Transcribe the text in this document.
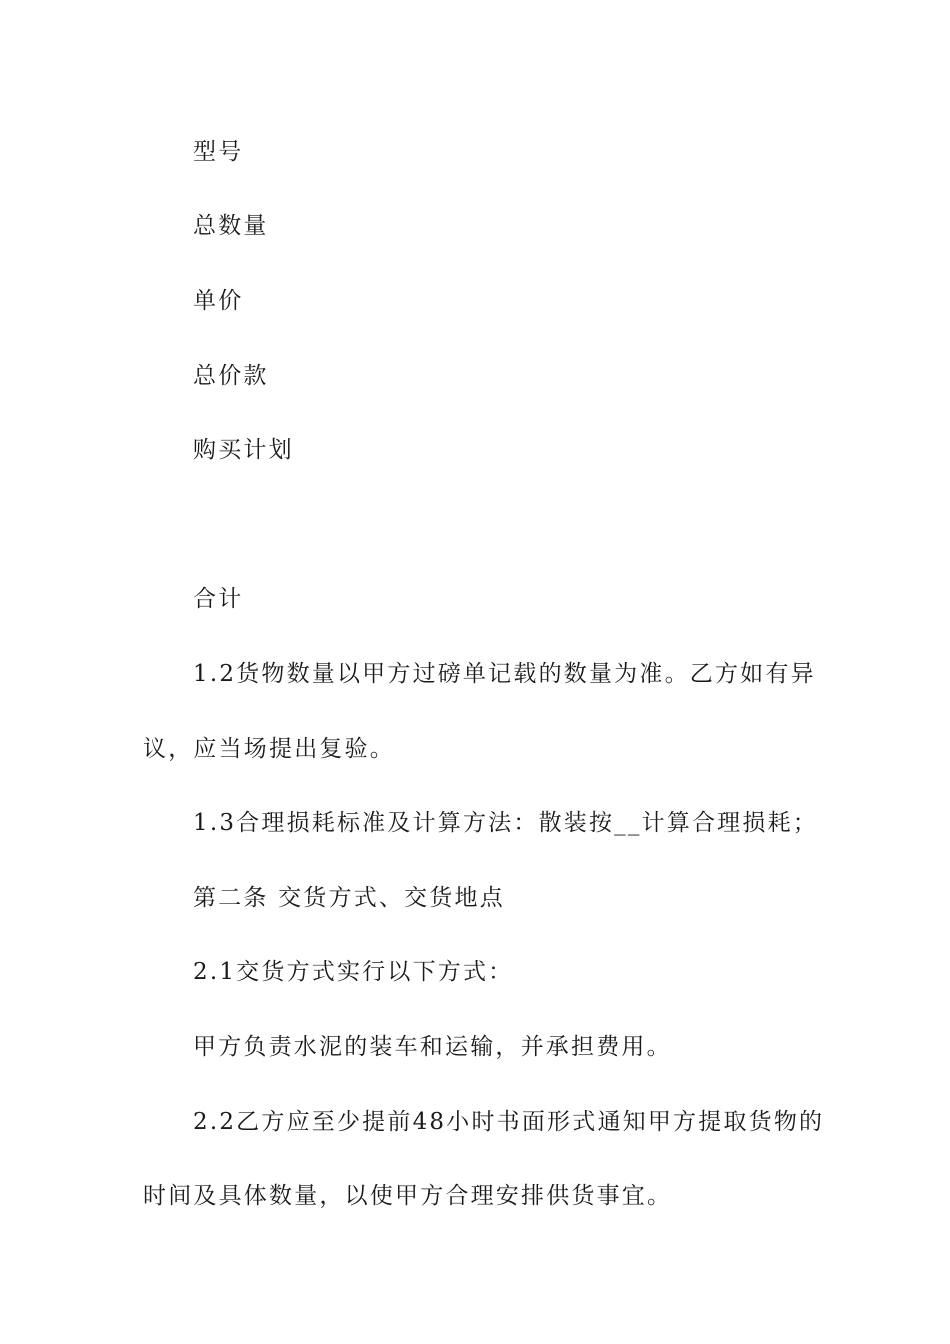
型号
总数量
单价
总价款
购买计划
合计
1.2货物数量以甲方过磅单记载的数量为准。乙方如有异
议，应当场提出复验。
1.3合理损耗标准及计算方法：散装按__计算合理损耗；
第二条 交货方式、交货地点
2.1交货方式实行以下方式：
甲方负责水泥的装车和运输，并承担费用。
2.2乙方应至少提前48小时书面形式通知甲方提取货物的
时间及具体数量，以使甲方合理安排供货事宜。
